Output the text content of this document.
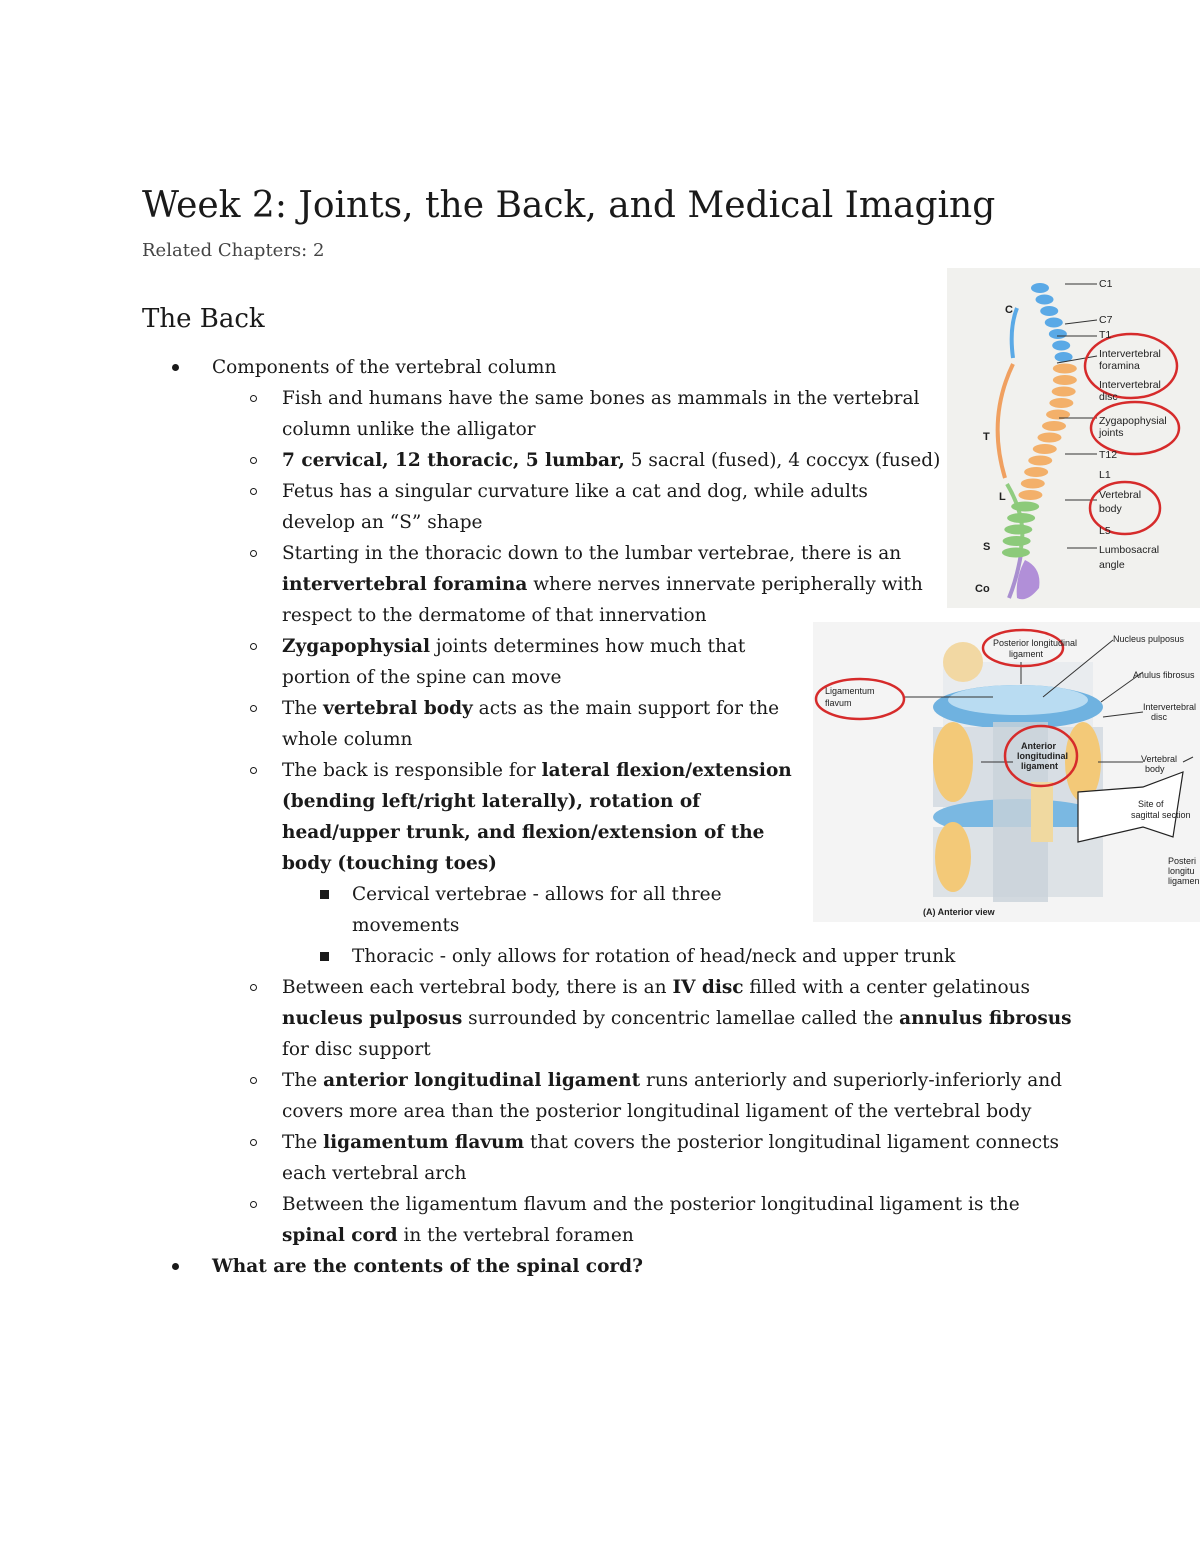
Week 2: Joints, the Back, and Medical Imaging

Related Chapters: 2

The Back
Components of the vertebral column
Fish and humans have the same bones as mammals in the vertebral
column unlike the alligator
7 cervical, 12 thoracic, 5 lumbar, 5 sacral (fused), 4 coccyx (fused)
Fetus has a singular curvature like a cat and dog, while adults
develop an “S” shape
Starting in the thoracic down to the lumbar vertebrae, there is an
intervertebral foramina where nerves innervate peripherally with
respect to the dermatome of that innervation
Zygapophysial joints determines how much that
portion of the spine can move
The vertebral body acts as the main support for the
whole column
The back is responsible for lateral flexion/extension
(bending left/right laterally), rotation of
head/upper trunk, and flexion/extension of the
body (touching toes)
Cervical vertebrae - allows for all three
movements
Thoracic - only allows for rotation of head/neck and upper trunk
Between each vertebral body, there is an IV disc filled with a center gelatinous
nucleus pulposus surrounded by concentric lamellae called the annulus fibrosus
for disc support
The anterior longitudinal ligament runs anteriorly and superiorly-inferiorly and
covers more area than the posterior longitudinal ligament of the vertebral body
The ligamentum flavum that covers the posterior longitudinal ligament connects
each vertebral arch
Between the ligamentum flavum and the posterior longitudinal ligament is the
spinal cord in the vertebral foramen
What are the contents of the spinal cord?
C1
C7
T1
Intervertebral
foramina
Intervertebral
disc
Zygapophysial
joints
T12
L1
Vertebral
body
L5
Lumbosacral
angle
C
T
L
S
Co
Posterior longitudinal
ligament
Nucleus pulposus
Anulus fibrosus
Intervertebral
disc
Ligamentum
flavum
Anterior
longitudinal
ligament
Vertebral
body
Site of
sagittal section
Posteri
longitu
ligamen
(A) Anterior view
